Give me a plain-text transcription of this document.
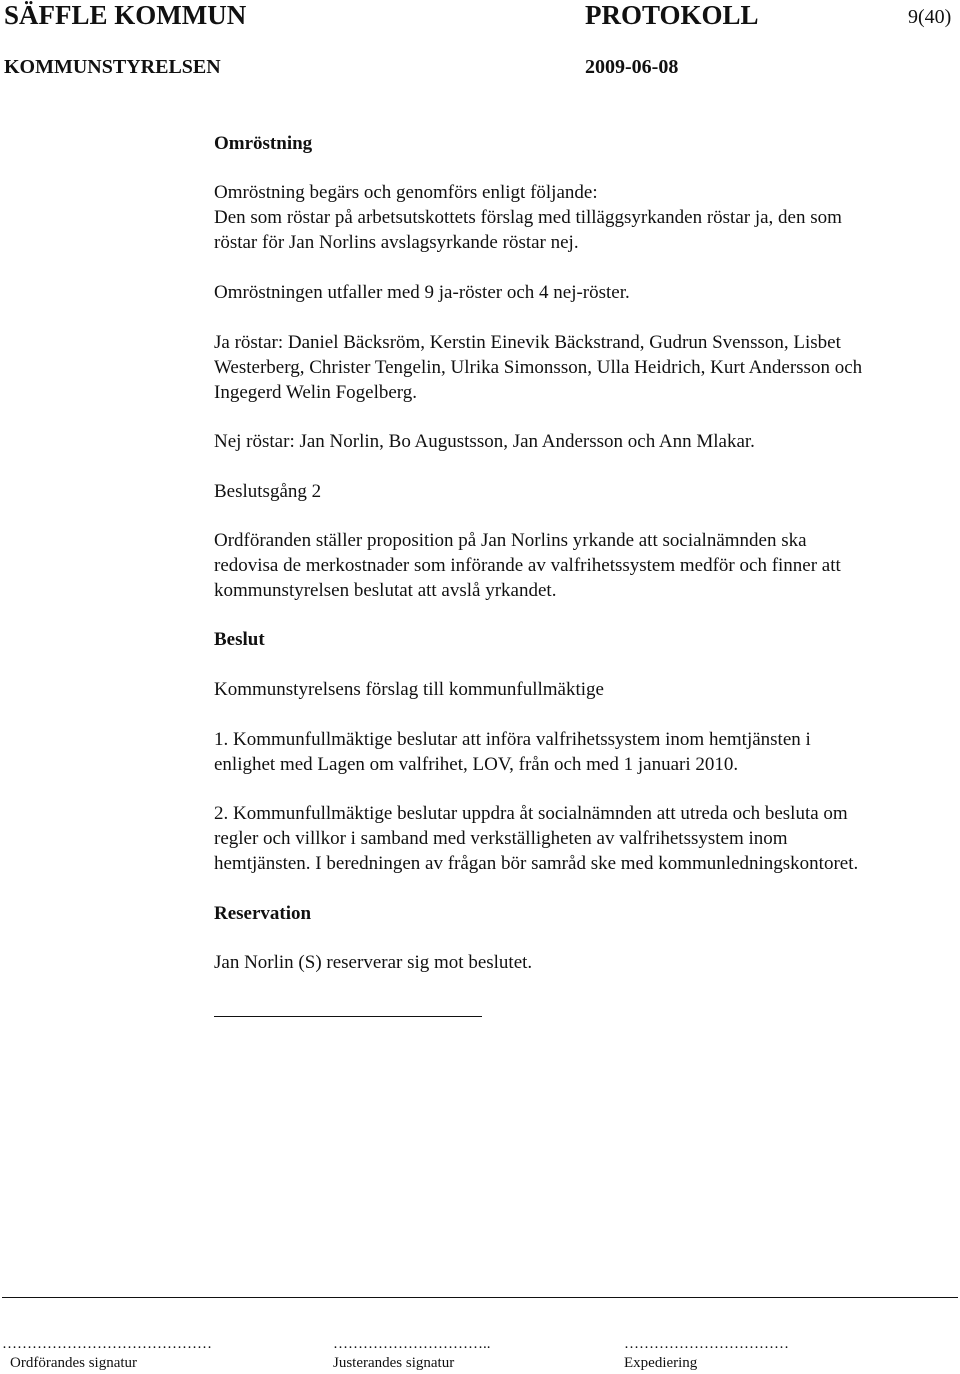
SÄFFLE KOMMUN	PROTOKOLL	9(40)
KOMMUNSTYRELSEN	2009-06-08
Omröstning
Omröstning begärs och genomförs enligt följande:
Den som röstar på arbetsutskottets förslag med tilläggsyrkanden röstar ja, den som
röstar för Jan Norlins avslagsyrkande röstar nej.
Omröstningen utfaller med 9 ja-röster och 4 nej-röster.
Ja röstar: Daniel Bäcksröm, Kerstin Einevik Bäckstrand, Gudrun Svensson, Lisbet
Westerberg, Christer Tengelin, Ulrika Simonsson, Ulla Heidrich, Kurt Andersson och
Ingegerd Welin Fogelberg.
Nej röstar: Jan Norlin, Bo Augustsson, Jan Andersson och Ann Mlakar.
Beslutsgång 2
Ordföranden ställer proposition på Jan Norlins yrkande att socialnämnden ska
redovisa de merkostnader som införande av valfrihetssystem medför och finner att
kommunstyrelsen beslutat att avslå yrkandet.
Beslut
Kommunstyrelsens förslag till kommunfullmäktige
1. Kommunfullmäktige beslutar att införa valfrihetssystem inom hemtjänsten i
enlighet med Lagen om valfrihet, LOV, från och med 1 januari 2010.
2. Kommunfullmäktige beslutar uppdra åt socialnämnden att utreda och besluta om
regler och villkor i samband med verkställigheten av valfrihetssystem inom
hemtjänsten. I beredningen av frågan bör samråd ske med kommunledningskontoret.
Reservation
Jan Norlin (S) reserverar sig mot beslutet.
……………………………………	…………………………..	……………………………
Ordförandes signatur	Justerandes signatur	Expediering
